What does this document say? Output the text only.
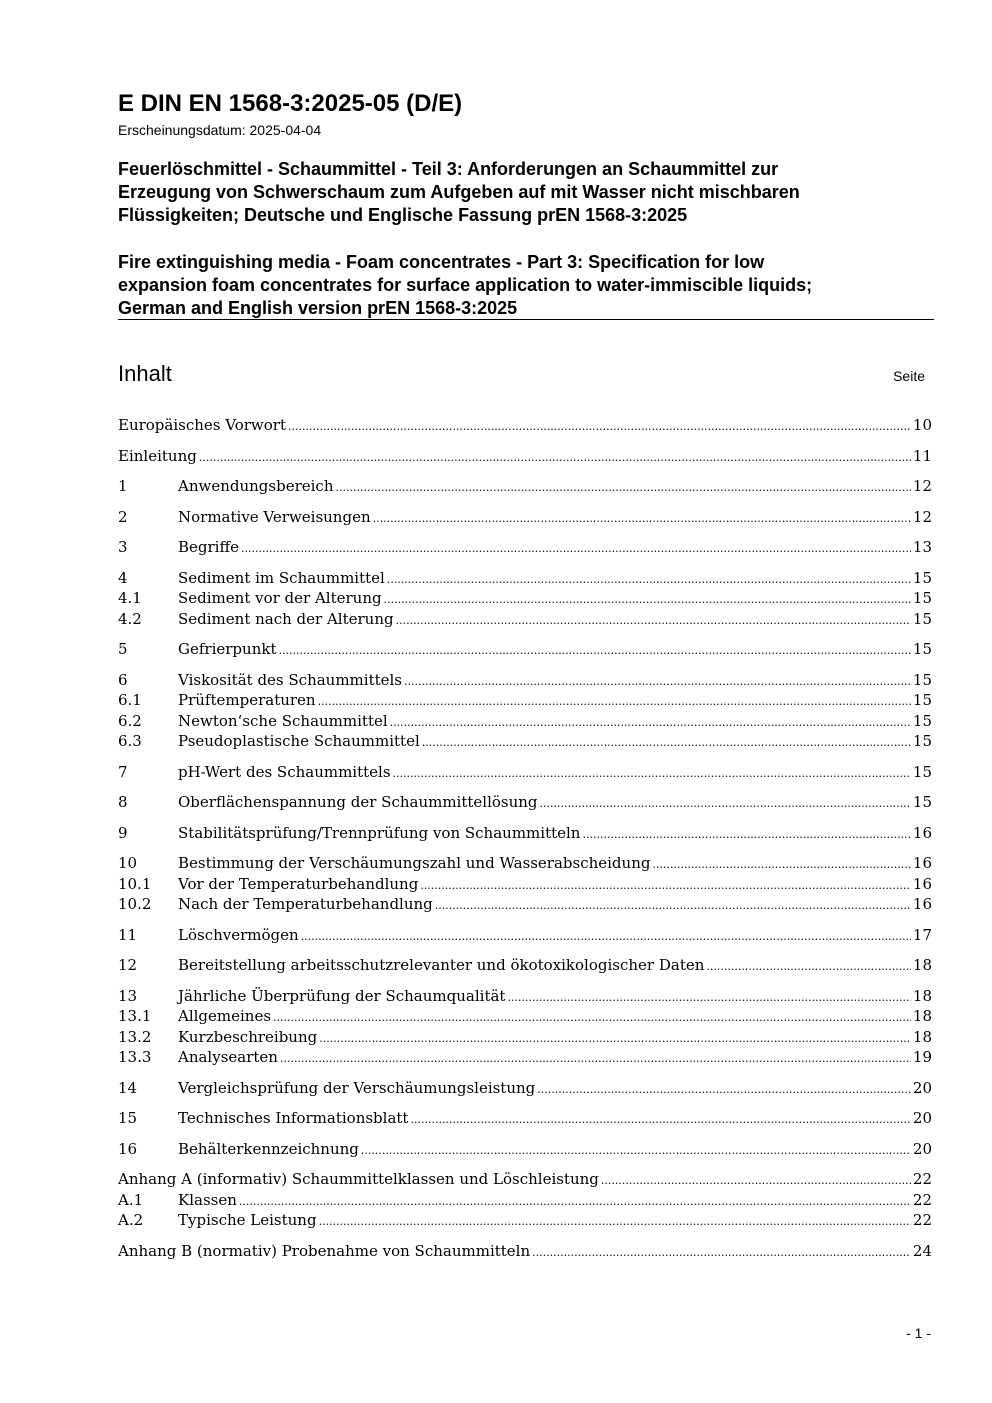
E DIN EN 1568-3:2025-05 (D/E)
Erscheinungsdatum: 2025-04-04
Feuerlöschmittel - Schaummittel - Teil 3: Anforderungen an Schaummittel zur
Erzeugung von Schwerschaum zum Aufgeben auf mit Wasser nicht mischbaren
Flüssigkeiten; Deutsche und Englische Fassung prEN 1568-3:2025
Fire extinguishing media - Foam concentrates - Part 3: Specification for low
expansion foam concentrates for surface application to water-immiscible liquids;
German and English version prEN 1568-3:2025
Inhalt	Seite
Europäisches Vorwort .....	10
Einleitung .....	11
1	Anwendungsbereich .....	12
2	Normative Verweisungen .....	12
3	Begriffe .....	13
4	Sediment im Schaummittel .....	15
4.1	Sediment vor der Alterung .....	15
4.2	Sediment nach der Alterung .....	15
5	Gefrierpunkt .....	15
6	Viskosität des Schaummittels .....	15
6.1	Prüftemperaturen .....	15
6.2	Newton‘sche Schaummittel .....	15
6.3	Pseudoplastische Schaummittel .....	15
7	pH-Wert des Schaummittels .....	15
8	Oberflächenspannung der Schaummittellösung .....	15
9	Stabilitätsprüfung/Trennprüfung von Schaummitteln .....	16
10	Bestimmung der Verschäumungszahl und Wasserabscheidung .....	16
10.1	Vor der Temperaturbehandlung .....	16
10.2	Nach der Temperaturbehandlung .....	16
11	Löschvermögen .....	17
12	Bereitstellung arbeitsschutzrelevanter und ökotoxikologischer Daten .....	18
13	Jährliche Überprüfung der Schaumqualität .....	18
13.1	Allgemeines .....	18
13.2	Kurzbeschreibung .....	18
13.3	Analysearten .....	19
14	Vergleichsprüfung der Verschäumungsleistung .....	20
15	Technisches Informationsblatt .....	20
16	Behälterkennzeichnung .....	20
Anhang A (informativ) Schaummittelklassen und Löschleistung .....	22
A.1	Klassen .....	22
A.2	Typische Leistung .....	22
Anhang B (normativ) Probenahme von Schaummitteln .....	24
- 1 -
